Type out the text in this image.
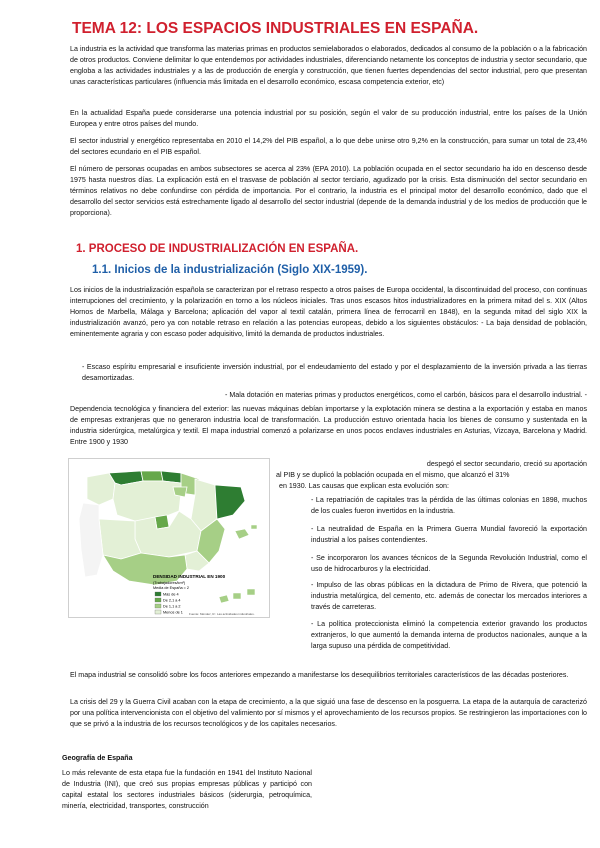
TEMA 12: LOS ESPACIOS INDUSTRIALES EN ESPAÑA.

La industria es la actividad que transforma las materias primas en productos semielaborados o elaborados, dedicados al consumo de la población o a la fabricación de otros productos. Conviene delimitar lo que entendemos por actividades industriales, diferenciando netamente los conceptos de industria y sector secundario, que engloba a las actividades industriales y a las de producción de energía y construcción, que tienen fuertes dependencias del sector industrial, pero que presentan unas características particulares (influencia más limitada en el desarrollo económico, escasa competencia exterior, etc)

En la actualidad España puede considerarse una potencia industrial por su posición, según el valor de su producción industrial, entre los países de la Unión Europea y entre otros países del mundo.

El sector industrial y energético representaba en 2010 el 14,2% del PIB español, a lo que debe unirse otro 9,2% en la construcción, para sumar un total de 23,4% del sectores ecundario en el PIB español.

El número de personas ocupadas en ambos subsectores se acerca al 23% (EPA 2010). La población ocupada en el sector secundario ha ido en descenso desde 1975 hasta nuestros días. La explicación está en el trasvase de población al sector terciario, agudizado por la crisis. Esta disminución del sector secundario en términos relativos no debe confundirse con pérdida de importancia. Por el contrario, la industria es el principal motor del desarrollo económico, dado que el desarrollo del sector servicios está estrechamente ligado al desarrollo del sector industrial (depende de la demanda industrial y de los medios de producción que le proporciona).

1. PROCESO DE INDUSTRIALIZACIÓN EN ESPAÑA.
1.1. Inicios de la industrialización (Siglo XIX-1959).

Los inicios de la industrialización española se caracterizan por el retraso respecto a otros países de Europa occidental, la discontinuidad del proceso, con continuas interrupciones del crecimiento, y la polarización en torno a los núcleos iniciales. Tras unos escasos hitos industrializadores en la primera mitad del s. XIX (Altos Hornos de Marbella, Málaga y Barcelona; aplicación del vapor al textil catalán, primera línea de ferrocarril en 1848), en la segunda mitad del siglo XIX la industrialización avanzó, pero ya con notable retraso en relación a las potencias europeas, debido a los siguientes obstáculos: - La baja densidad de población, eminentemente agraria y con escaso poder adquisitivo, limitó la demanda de productos industriales.

- Escaso espíritu empresarial e insuficiente inversión industrial, por el endeudamiento del estado y por el desplazamiento de la inversión privada a las tierras desamortizadas.

- Mala dotación en materias primas y productos energéticos, como el carbón, básicos para el desarrollo industrial. -

Dependencia tecnológica y financiera del exterior: las nuevas máquinas debían importarse y la explotación minera se destina a la exportación y estaba en manos de empresas extranjeras que no generaron industria local de transformación. La producción estuvo orientada hacia los bienes de consumo y sustentada en la industria siderúrgica, metalúrgica y textil. El mapa industrial comenzó a polarizarse en unos pocos enclaves industriales en Asturias, Vizcaya, Barcelona y Madrid. Entre 1900 y 1930

DENSIDAD INDUSTRIAL EN 1900
(Trabajadores/km²)
Media de España = 2
Más de 4
De 2,1 a 4
De 1,1 a 2
Menos de 1 Fuente: Méndez, R.: Las actividades industriales.

despegó el sector secundario, creció su aportación

al PIB y se duplicó la población ocupada en el mismo, que alcanzó el 31%

en 1930. Las causas que explican esta evolución son:

- La repatriación de capitales tras la pérdida de las últimas colonias en 1898, muchos de los cuales fueron invertidos en la industria.

- La neutralidad de España en la Primera Guerra Mundial favoreció la exportación industrial a los países contendientes.

- Se incorporaron los avances técnicos de la Segunda Revolución Industrial, como el uso de hidrocarburos y la electricidad.

- Impulso de las obras públicas en la dictadura de Primo de Rivera, que potenció la industria metalúrgica, del cemento, etc. además de conectar los mercados interiores a través de carreteras.

- La política proteccionista eliminó la competencia exterior gravando los productos extranjeros, lo que aumentó la demanda interna de productos nacionales, aunque a la larga supuso una pérdida de competitividad.

El mapa industrial se consolidó sobre los focos anteriores empezando a manifestarse los desequilibrios territoriales característicos de las décadas posteriores.

La crisis del 29 y la Guerra Civil acaban con la etapa de crecimiento, a la que siguió una fase de descenso en la posguerra. La etapa de la autarquía de caracterizó por una política intervencionista con el objetivo del valimiento por sí mismos y el aprovechamiento de los recursos propios. Se restringieron las importaciones con lo que se privó a la industria de los recursos tecnológicos y de los capitales necesarios.

Geografía de España

Lo más relevante de esta etapa fue la fundación en 1941 del Instituto Nacional de Industria (INI), que creó sus propias empresas públicas y participó con capital estatal los sectores industriales básicos (siderurgia, petroquímica, minería, electricidad, transportes, construcción
